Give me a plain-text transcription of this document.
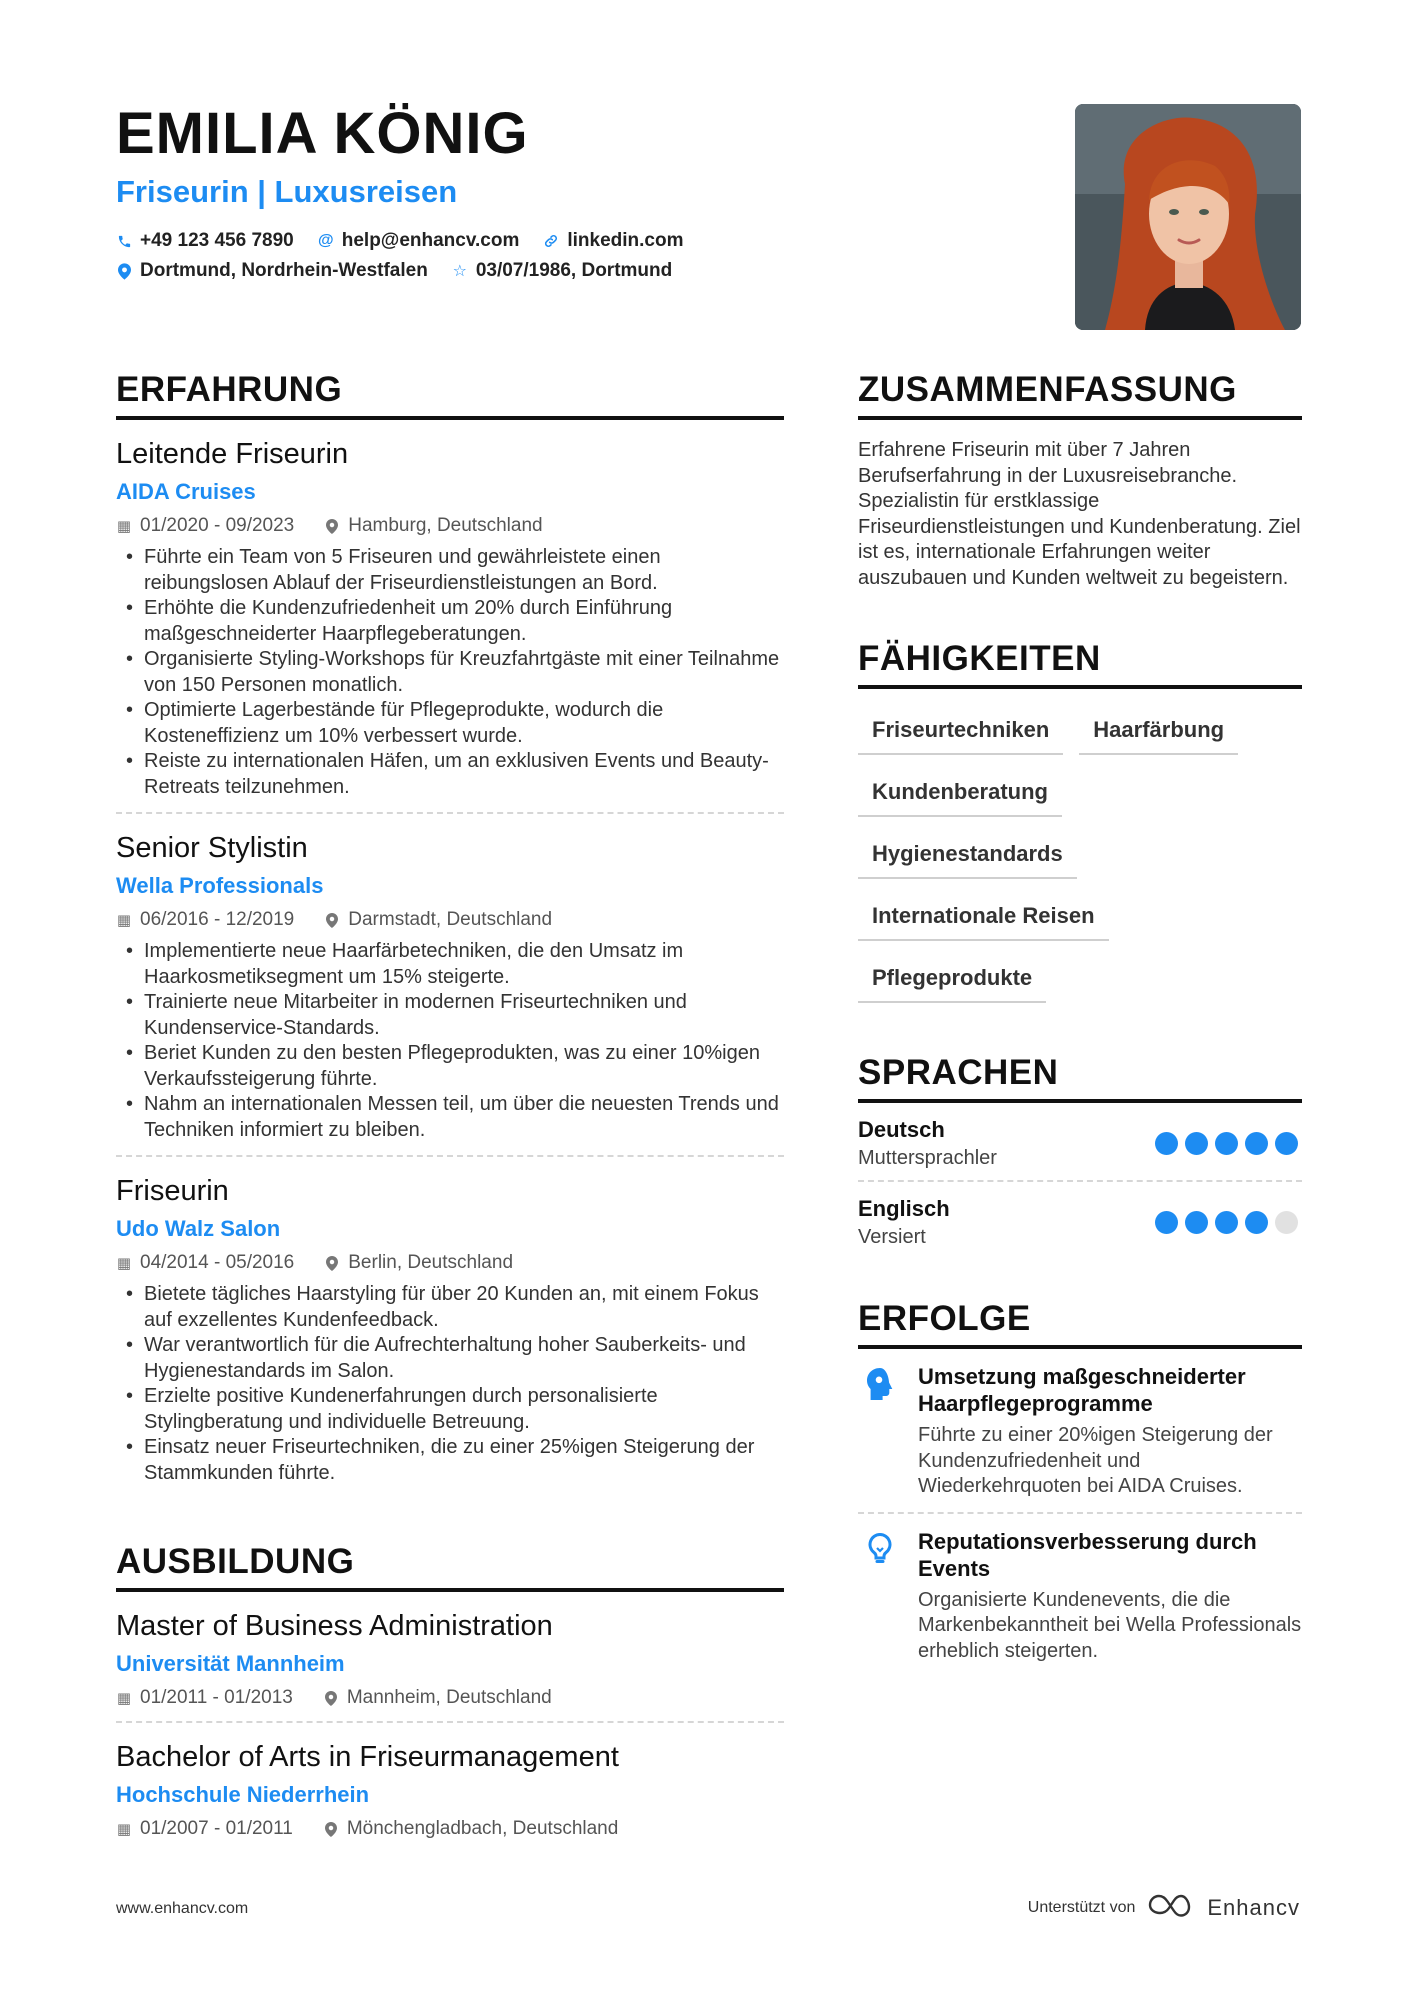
EMILIA KÖNIG
Friseurin | Luxusreisen
+49 123 456 7890 @ help@enhancv.com	linkedin.com
Dortmund, Nordrhein-Westfalen ☆ 03/07/1986, Dortmund
ERFAHRUNG
Leitende Friseurin
AIDA Cruises
▦ 01/2020 - 09/2023	Hamburg, Deutschland
• Führte ein Team von 5 Friseuren und gewährleistete einen reibungslosen Ablauf der Friseurdienstleistungen an Bord.
• Erhöhte die Kundenzufriedenheit um 20% durch Einführung maßgeschneiderter Haarpflegeberatungen.
• Organisierte Styling-Workshops für Kreuzfahrtgäste mit einer Teilnahme von 150 Personen monatlich.
• Optimierte Lagerbestände für Pflegeprodukte, wodurch die Kosteneffizienz um 10% verbessert wurde.
• Reiste zu internationalen Häfen, um an exklusiven Events und Beauty-Retreats teilzunehmen.
Senior Stylistin
Wella Professionals
▦ 06/2016 - 12/2019	Darmstadt, Deutschland
• Implementierte neue Haarfärbetechniken, die den Umsatz im Haarkosmetiksegment um 15% steigerte.
• Trainierte neue Mitarbeiter in modernen Friseurtechniken und Kundenservice-Standards.
• Beriet Kunden zu den besten Pflegeprodukten, was zu einer 10%igen Verkaufssteigerung führte.
• Nahm an internationalen Messen teil, um über die neuesten Trends und Techniken informiert zu bleiben.
Friseurin
Udo Walz Salon
▦ 04/2014 - 05/2016	Berlin, Deutschland
• Bietete tägliches Haarstyling für über 20 Kunden an, mit einem Fokus auf exzellentes Kundenfeedback.
• War verantwortlich für die Aufrechterhaltung hoher Sauberkeits- und Hygienestandards im Salon.
• Erzielte positive Kundenerfahrungen durch personalisierte Stylingberatung und individuelle Betreuung.
• Einsatz neuer Friseurtechniken, die zu einer 25%igen Steigerung der Stammkunden führte.
AUSBILDUNG
Master of Business Administration
Universität Mannheim
▦ 01/2011 - 01/2013	Mannheim, Deutschland
Bachelor of Arts in Friseurmanagement
Hochschule Niederrhein
▦ 01/2007 - 01/2011	Mönchengladbach, Deutschland
ZUSAMMENFASSUNG
Erfahrene Friseurin mit über 7 Jahren Berufserfahrung in der Luxusreisebranche. Spezialistin für erstklassige Friseurdienstleistungen und Kundenberatung. Ziel ist es, internationale Erfahrungen weiter auszubauen und Kunden weltweit zu begeistern.
FÄHIGKEITEN
Friseurtechniken	Haarfärbung
Kundenberatung
Hygienestandards
Internationale Reisen
Pflegeprodukte
SPRACHEN
Deutsch
Muttersprachler
Englisch
Versiert
ERFOLGE
Umsetzung maßgeschneiderter Haarpflegeprogramme
Führte zu einer 20%igen Steigerung der Kundenzufriedenheit und Wiederkehrquoten bei AIDA Cruises.
Reputationsverbesserung durch Events
Organisierte Kundenevents, die die Markenbekanntheit bei Wella Professionals erheblich steigerten.
www.enhancv.com	Unterstützt von	Enhancv
